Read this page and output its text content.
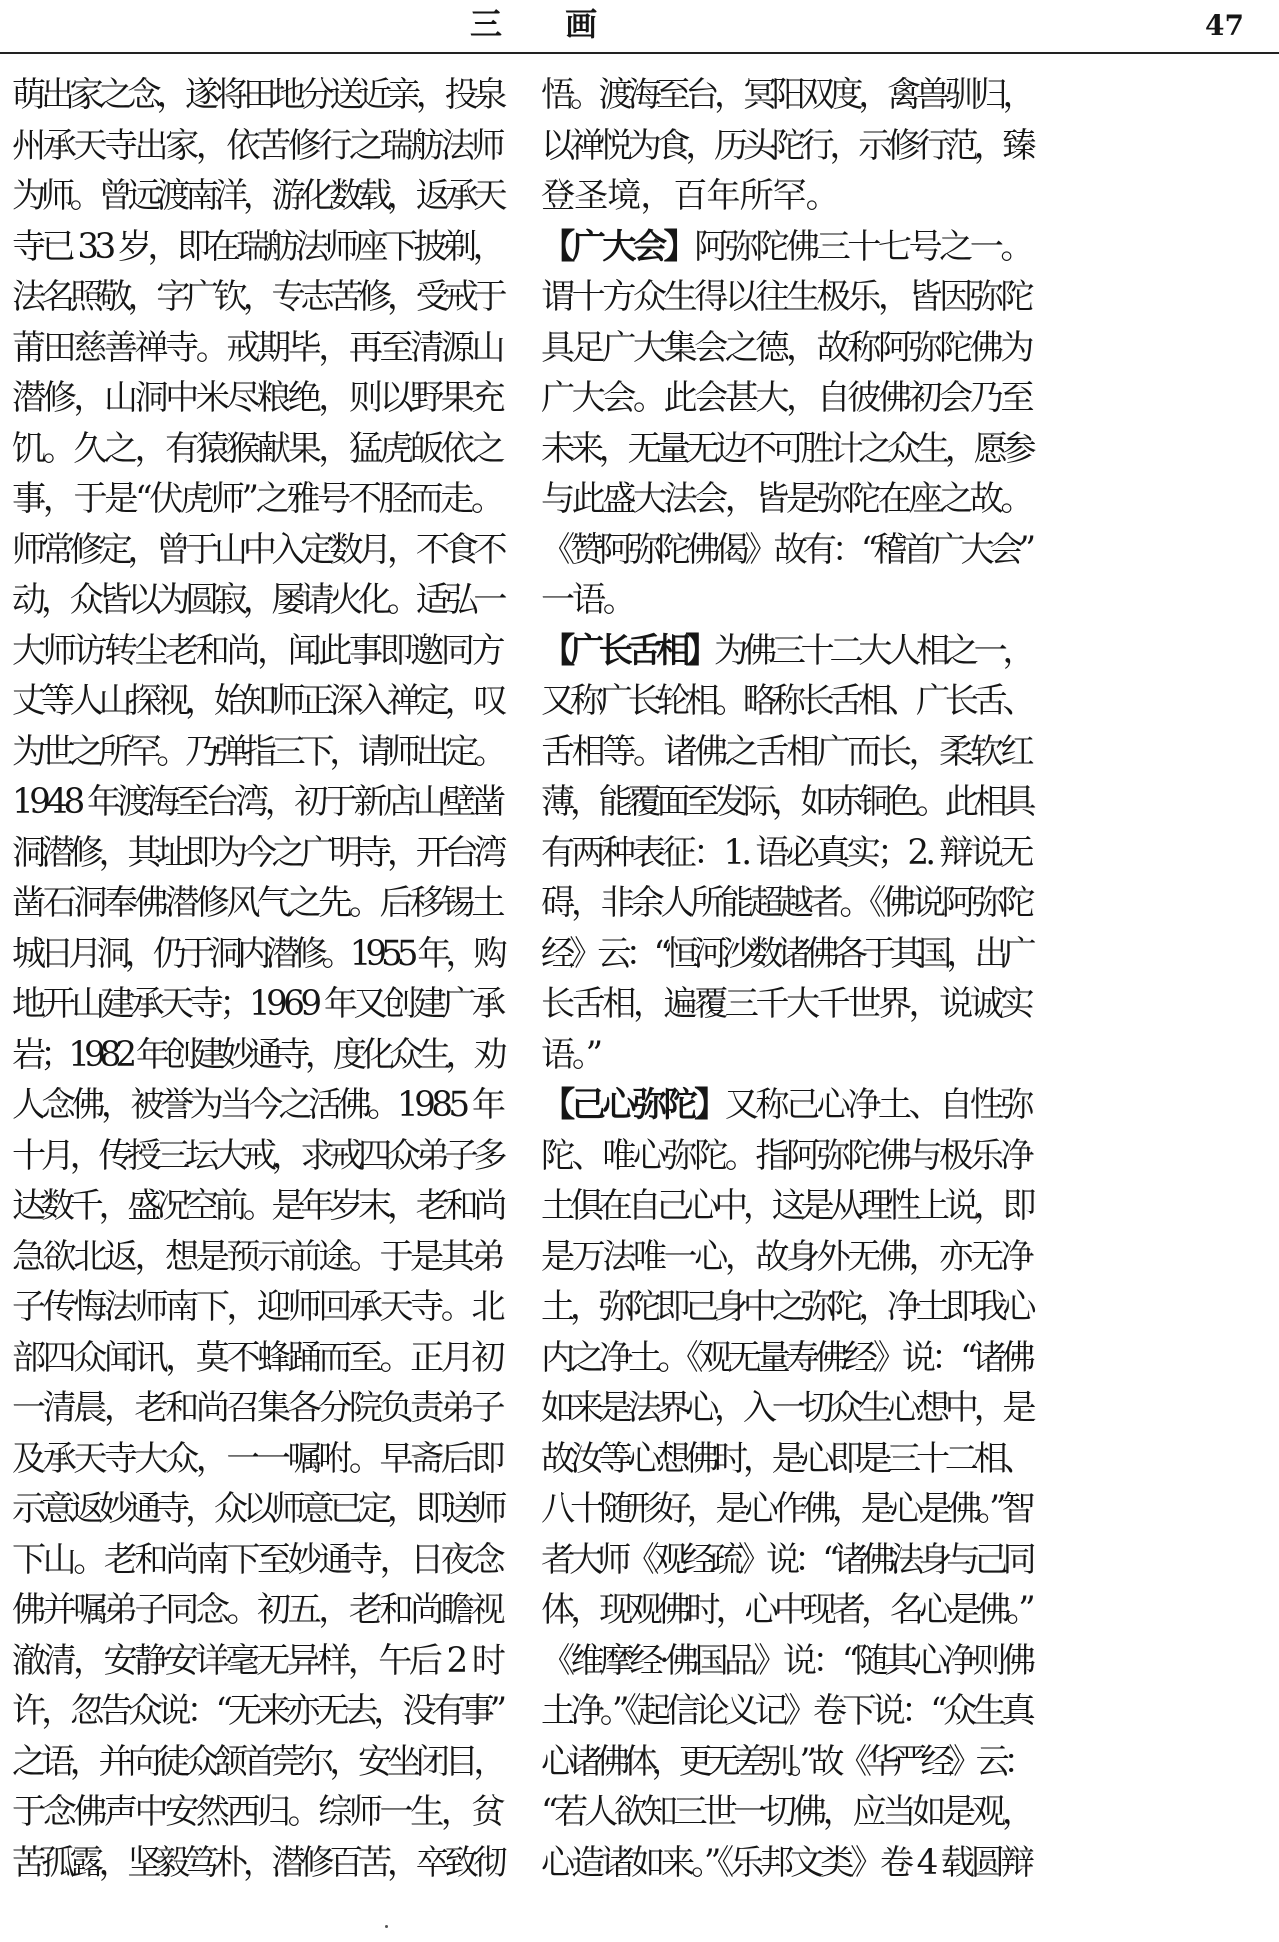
三 画	47
萌出家之念，遂将田地分送近亲，投泉
州承天寺出家，依苦修行之瑞舫法师
为师。曾远渡南洋，游化数载，返承天
寺已 33 岁，即在瑞舫法师座下披剃，
法名照敬，字广钦，专志苦修，受戒于
莆田慈善禅寺。戒期毕，再至清源山
潜修，山洞中米尽粮绝，则以野果充
饥。久之，有猿猴献果，猛虎皈依之
事，于是“伏虎师”之雅号不胫而走。
师常修定，曾于山中入定数月，不食不
动，众皆以为圆寂，屡请火化。适弘一
大师访转尘老和尚，闻此事即邀同方
丈等人山探视，始知师正深入禅定，叹
为世之所罕。乃弹指三下，请师出定。
1948 年渡海至台湾，初于新店山壁凿
洞潜修，其址即为今之广明寺，开台湾
凿石洞奉佛潜修风气之先。后移锡土
城日月洞，仍于洞内潜修。1955 年，购
地开山建承天寺；1969 年又创建广承
岩；1982 年创建妙通寺，度化众生，劝
人念佛，被誉为当今之活佛。1985 年
十月，传授三坛大戒，求戒四众弟子多
达数千，盛况空前。是年岁末，老和尚
急欲北返，想是预示前途。于是其弟
子传悔法师南下，迎师回承天寺。北
部四众闻讯，莫不蜂踊而至。正月初
一清晨，老和尚召集各分院负责弟子
及承天寺大众，一一嘱咐。早斋后即
示意返妙通寺，众以师意已定，即送师
下山。老和尚南下至妙通寺，日夜念
佛并嘱弟子同念。初五，老和尚瞻视
澈清，安静安详毫无异样，午后 2 时
许，忽告众说：“无来亦无去，没有事”
之语，并向徒众颔首莞尔，安坐闭目，
于念佛声中安然西归。综师一生，贫
苦孤露，坚毅笃朴，潜修百苦，卒致彻
悟。渡海至台，冥阳双度，禽兽驯归，
以禅悦为食，历头陀行，示修行范，臻
登圣境，百年所罕。
【广大会】阿弥陀佛三十七号之一。
谓十方众生得以往生极乐，皆因弥陀
具足广大集会之德，故称阿弥陀佛为
广大会。此会甚大，自彼佛初会乃至
未来，无量无边不可胜计之众生，愿参
与此盛大法会，皆是弥陀在座之故。
《赞阿弥陀佛偈》故有：“稽首广大会”
一语。
【广长舌相】为佛三十二大人相之一，
又称广长轮相。略称长舌相、广长舌、
舌相等。诸佛之舌相广而长，柔软红
薄，能覆面至发际，如赤铜色。此相具
有两种表征：1. 语必真实；2. 辩说无
碍，非余人所能超越者。《佛说阿弥陀
经》云：“恒河沙数诸佛各于其国，出广
长舌相，遍覆三千大千世界，说诚实
语。”
【己心弥陀】又称己心净土、自性弥
陀、唯心弥陀。指阿弥陀佛与极乐净
土俱在自己心中，这是从理性上说，即
是万法唯一心，故身外无佛，亦无净
土，弥陀即己身中之弥陀，净土即我心
内之净土。《观无量寿佛经》说：“诸佛
如来是法界心，入一切众生心想中，是
故汝等心想佛时，是心即是三十二相、
八十随形好，是心作佛，是心是佛。”智
者大师《观经疏》说：“诸佛法身与己同
体，现观佛时，心中现者，名心是佛。”
《维摩经·佛国品》说：“随其心净则佛
土净。”《起信论义记》卷下说：“众生真
心诸佛体，更无差别。”故《华严经》云：
“若人欲知三世一切佛，应当如是观，
心造诸如来。”《乐邦文类》卷 4 载圆辩
